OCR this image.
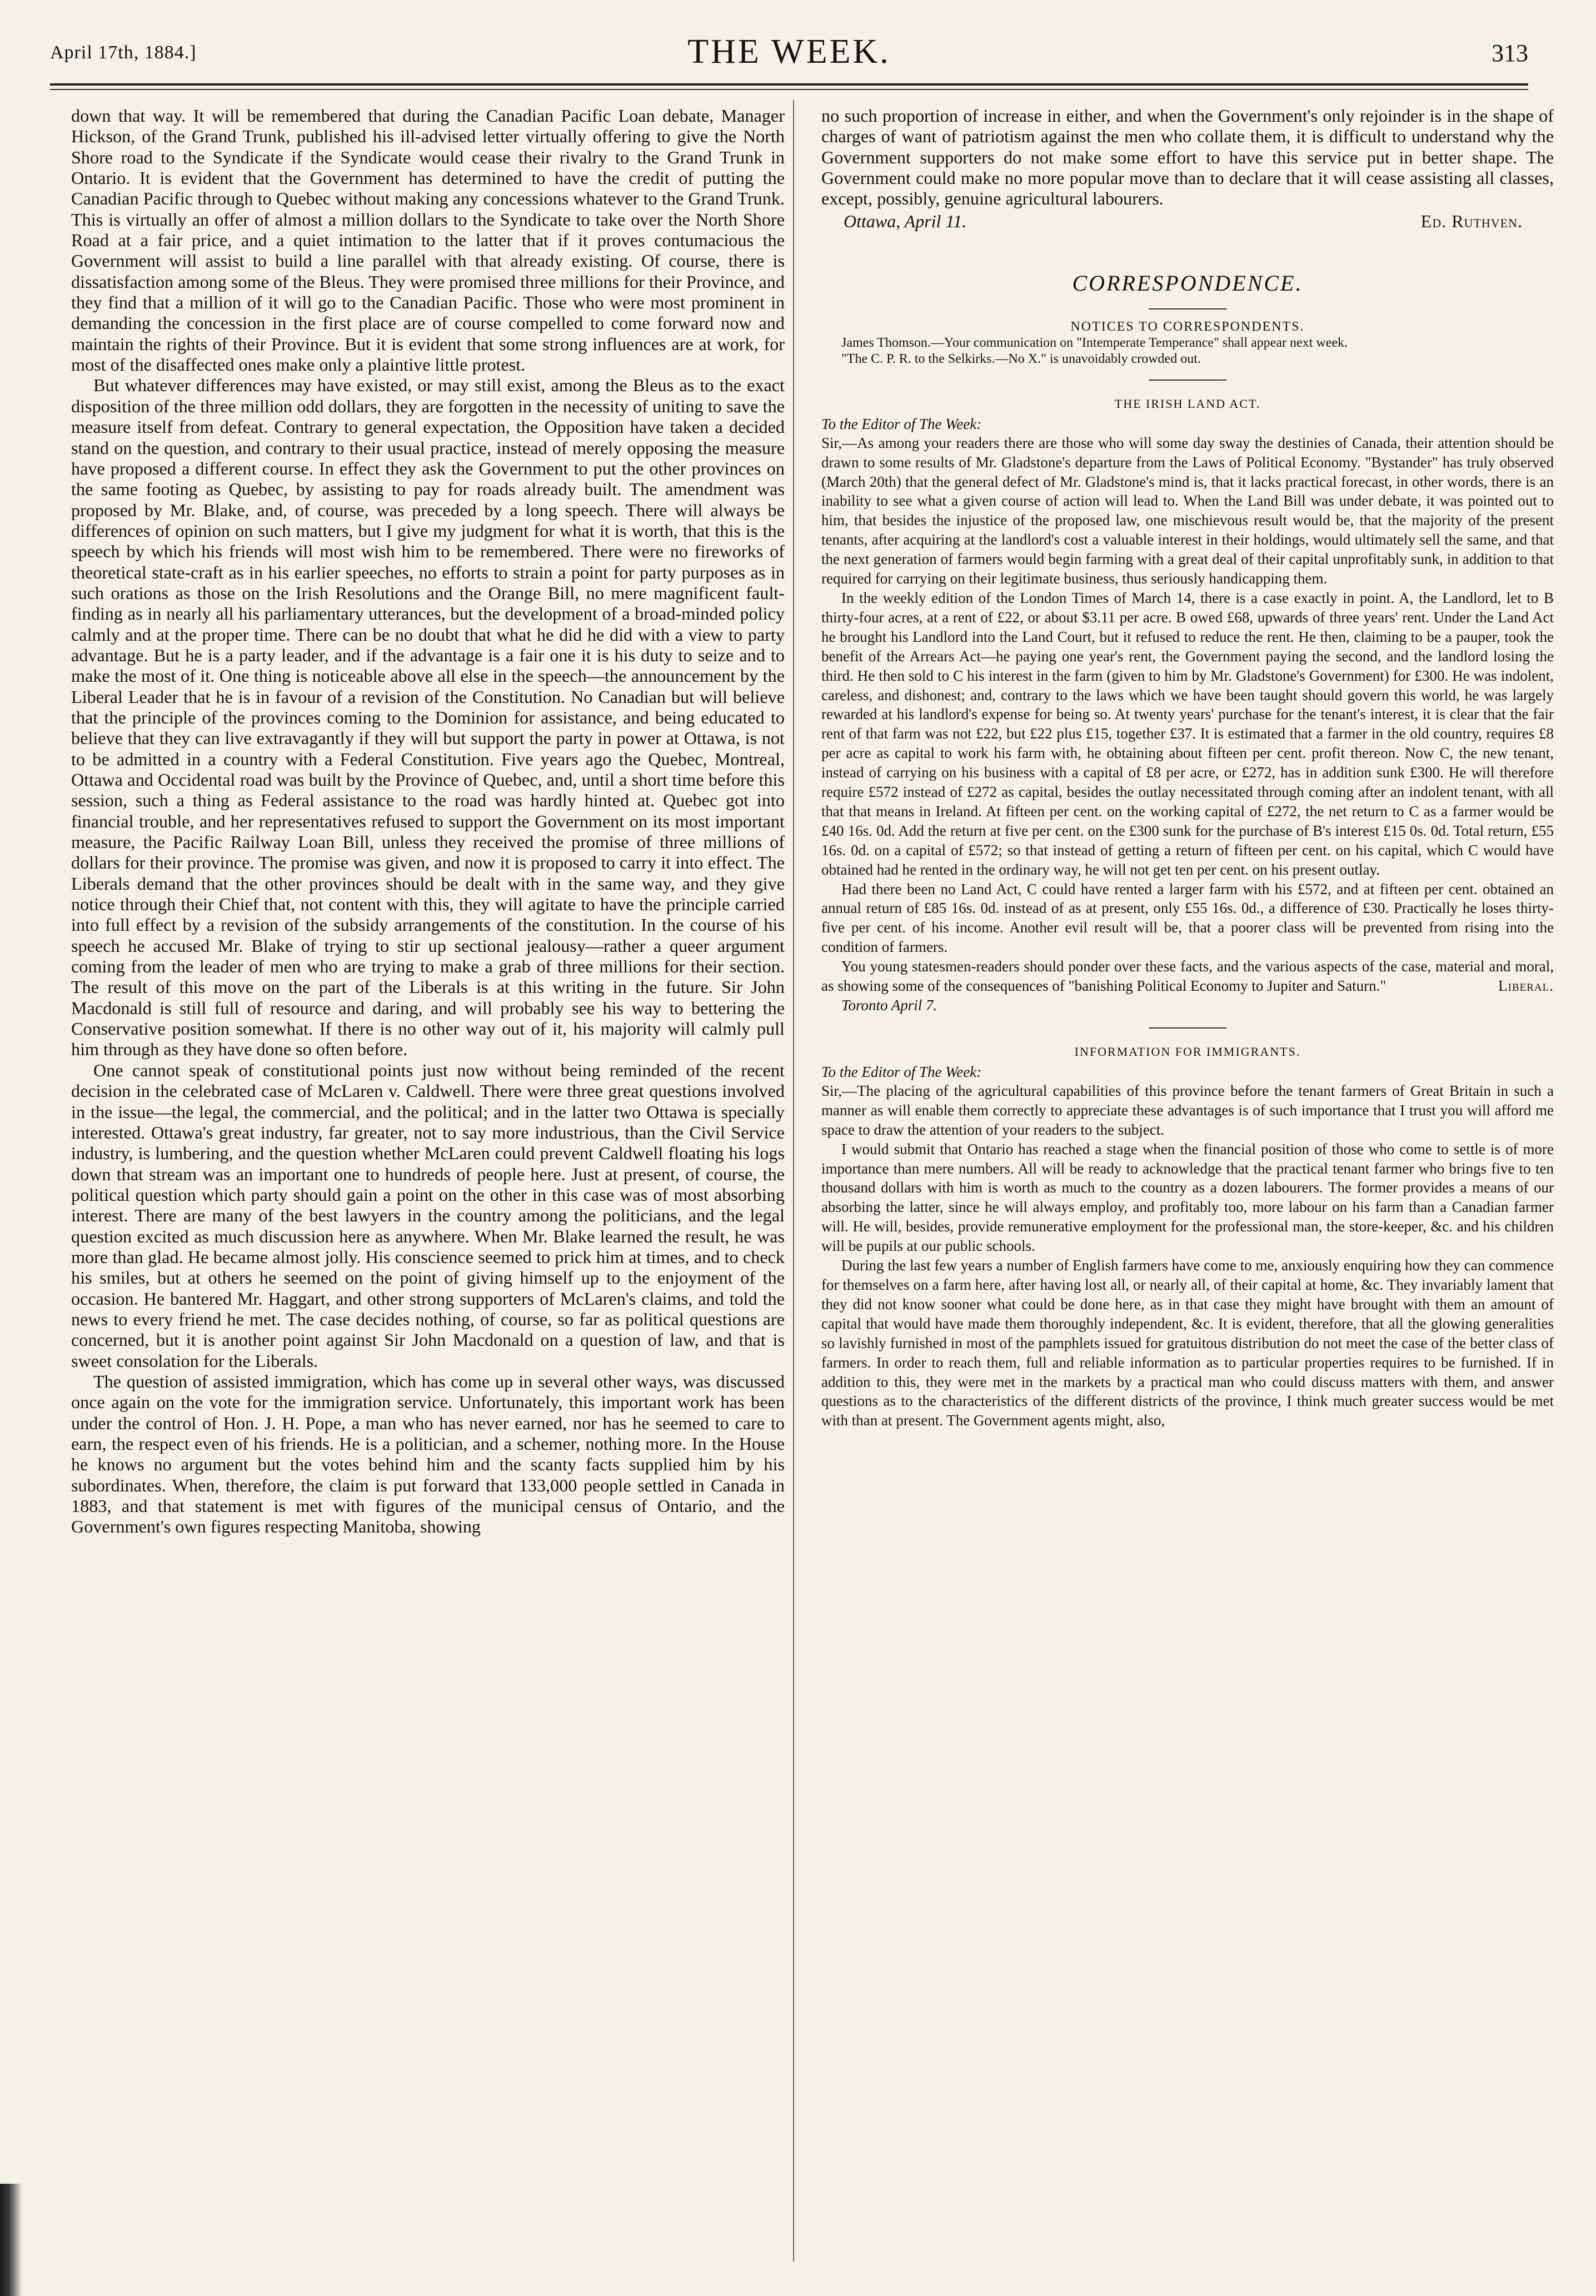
April 17th, 1884.]	THE WEEK.	313

down that way. It will be remembered that during the Canadian Pacific Loan debate, Manager Hickson, of the Grand Trunk, published his ill-advised letter virtually offering to give the North Shore road to the Syndicate if the Syndicate would cease their rivalry to the Grand Trunk in Ontario. It is evident that the Government has determined to have the credit of putting the Canadian Pacific through to Quebec without making any concessions whatever to the Grand Trunk. This is virtually an offer of almost a million dollars to the Syndicate to take over the North Shore Road at a fair price, and a quiet intimation to the latter that if it proves contumacious the Government will assist to build a line parallel with that already existing. Of course, there is dissatisfaction among some of the Bleus. They were promised three millions for their Province, and they find that a million of it will go to the Canadian Pacific. Those who were most prominent in demanding the concession in the first place are of course compelled to come forward now and maintain the rights of their Province. But it is evident that some strong influences are at work, for most of the disaffected ones make only a plaintive little protest.

But whatever differences may have existed, or may still exist, among the Bleus as to the exact disposition of the three million odd dollars, they are forgotten in the necessity of uniting to save the measure itself from defeat. Contrary to general expectation, the Opposition have taken a decided stand on the question, and contrary to their usual practice, instead of merely opposing the measure have proposed a different course. In effect they ask the Government to put the other provinces on the same footing as Quebec, by assisting to pay for roads already built. The amendment was proposed by Mr. Blake, and, of course, was preceded by a long speech. There will always be differences of opinion on such matters, but I give my judgment for what it is worth, that this is the speech by which his friends will most wish him to be remembered. There were no fireworks of theoretical state-craft as in his earlier speeches, no efforts to strain a point for party purposes as in such orations as those on the Irish Resolutions and the Orange Bill, no mere magnificent fault-finding as in nearly all his parliamentary utterances, but the development of a broad-minded policy calmly and at the proper time. There can be no doubt that what he did he did with a view to party advantage. But he is a party leader, and if the advantage is a fair one it is his duty to seize and to make the most of it. One thing is noticeable above all else in the speech—the announcement by the Liberal Leader that he is in favour of a revision of the Constitution. No Canadian but will believe that the principle of the provinces coming to the Dominion for assistance, and being educated to believe that they can live extravagantly if they will but support the party in power at Ottawa, is not to be admitted in a country with a Federal Constitution. Five years ago the Quebec, Montreal, Ottawa and Occidental road was built by the Province of Quebec, and, until a short time before this session, such a thing as Federal assistance to the road was hardly hinted at. Quebec got into financial trouble, and her representatives refused to support the Government on its most important measure, the Pacific Railway Loan Bill, unless they received the promise of three millions of dollars for their province. The promise was given, and now it is proposed to carry it into effect. The Liberals demand that the other provinces should be dealt with in the same way, and they give notice through their Chief that, not content with this, they will agitate to have the principle carried into full effect by a revision of the subsidy arrangements of the constitution. In the course of his speech he accused Mr. Blake of trying to stir up sectional jealousy—rather a queer argument coming from the leader of men who are trying to make a grab of three millions for their section. The result of this move on the part of the Liberals is at this writing in the future. Sir John Macdonald is still full of resource and daring, and will probably see his way to bettering the Conservative position somewhat. If there is no other way out of it, his majority will calmly pull him through as they have done so often before.

One cannot speak of constitutional points just now without being reminded of the recent decision in the celebrated case of McLaren v. Caldwell. There were three great questions involved in the issue—the legal, the commercial, and the political; and in the latter two Ottawa is specially interested. Ottawa's great industry, far greater, not to say more industrious, than the Civil Service industry, is lumbering, and the question whether McLaren could prevent Caldwell floating his logs down that stream was an important one to hundreds of people here. Just at present, of course, the political question which party should gain a point on the other in this case was of most absorbing interest. There are many of the best lawyers in the country among the politicians, and the legal question excited as much discussion here as anywhere. When Mr. Blake learned the result, he was more than glad. He became almost jolly. His conscience seemed to prick him at times, and to check his smiles, but at others he seemed on the point of giving himself up to the enjoyment of the occasion. He bantered Mr. Haggart, and other strong supporters of McLaren's claims, and told the news to every friend he met. The case decides nothing, of course, so far as political questions are concerned, but it is another point against Sir John Macdonald on a question of law, and that is sweet consolation for the Liberals.

The question of assisted immigration, which has come up in several other ways, was discussed once again on the vote for the immigration service. Unfortunately, this important work has been under the control of Hon. J. H. Pope, a man who has never earned, nor has he seemed to care to earn, the respect even of his friends. He is a politician, and a schemer, nothing more. In the House he knows no argument but the votes behind him and the scanty facts supplied him by his subordinates. When, therefore, the claim is put forward that 133,000 people settled in Canada in 1883, and that statement is met with figures of the municipal census of Ontario, and the Government's own figures respecting Manitoba, showing

no such proportion of increase in either, and when the Government's only rejoinder is in the shape of charges of want of patriotism against the men who collate them, it is difficult to understand why the Government supporters do not make some effort to have this service put in better shape. The Government could make no more popular move than to declare that it will cease assisting all classes, except, possibly, genuine agricultural labourers.

Ottawa, April 11.	Ed. Ruthven.
CORRESPONDENCE.
NOTICES TO CORRESPONDENTS.

James Thomson.—Your communication on "Intemperate Temperance" shall appear next week.

"The C. P. R. to the Selkirks.—No X." is unavoidably crowded out.

THE IRISH LAND ACT.
To the Editor of The Week:

Sir,—As among your readers there are those who will some day sway the destinies of Canada, their attention should be drawn to some results of Mr. Gladstone's departure from the Laws of Political Economy. "Bystander" has truly observed (March 20th) that the general defect of Mr. Gladstone's mind is, that it lacks practical forecast, in other words, there is an inability to see what a given course of action will lead to. When the Land Bill was under debate, it was pointed out to him, that besides the injustice of the proposed law, one mischievous result would be, that the majority of the present tenants, after acquiring at the landlord's cost a valuable interest in their holdings, would ultimately sell the same, and that the next generation of farmers would begin farming with a great deal of their capital unprofitably sunk, in addition to that required for carrying on their legitimate business, thus seriously handicapping them.

In the weekly edition of the London Times of March 14, there is a case exactly in point. A, the Landlord, let to B thirty-four acres, at a rent of £22, or about $3.11 per acre. B owed £68, upwards of three years' rent. Under the Land Act he brought his Landlord into the Land Court, but it refused to reduce the rent. He then, claiming to be a pauper, took the benefit of the Arrears Act—he paying one year's rent, the Government paying the second, and the landlord losing the third. He then sold to C his interest in the farm (given to him by Mr. Gladstone's Government) for £300. He was indolent, careless, and dishonest; and, contrary to the laws which we have been taught should govern this world, he was largely rewarded at his landlord's expense for being so. At twenty years' purchase for the tenant's interest, it is clear that the fair rent of that farm was not £22, but £22 plus £15, together £37. It is estimated that a farmer in the old country, requires £8 per acre as capital to work his farm with, he obtaining about fifteen per cent. profit thereon. Now C, the new tenant, instead of carrying on his business with a capital of £8 per acre, or £272, has in addition sunk £300. He will therefore require £572 instead of £272 as capital, besides the outlay necessitated through coming after an indolent tenant, with all that that means in Ireland. At fifteen per cent. on the working capital of £272, the net return to C as a farmer would be £40 16s. 0d. Add the return at five per cent. on the £300 sunk for the purchase of B's interest £15 0s. 0d. Total return, £55 16s. 0d. on a capital of £572; so that instead of getting a return of fifteen per cent. on his capital, which C would have obtained had he rented in the ordinary way, he will not get ten per cent. on his present outlay.

Had there been no Land Act, C could have rented a larger farm with his £572, and at fifteen per cent. obtained an annual return of £85 16s. 0d. instead of as at present, only £55 16s. 0d., a difference of £30. Practically he loses thirty-five per cent. of his income. Another evil result will be, that a poorer class will be prevented from rising into the condition of farmers.

You young statesmen-readers should ponder over these facts, and the various aspects of the case, material and moral, as showing some of the consequences of "banishing Political Economy to Jupiter and Saturn."	Liberal.

Toronto April 7.

INFORMATION FOR IMMIGRANTS.
To the Editor of The Week:

Sir,—The placing of the agricultural capabilities of this province before the tenant farmers of Great Britain in such a manner as will enable them correctly to appreciate these advantages is of such importance that I trust you will afford me space to draw the attention of your readers to the subject.

I would submit that Ontario has reached a stage when the financial position of those who come to settle is of more importance than mere numbers. All will be ready to acknowledge that the practical tenant farmer who brings five to ten thousand dollars with him is worth as much to the country as a dozen labourers. The former provides a means of our absorbing the latter, since he will always employ, and profitably too, more labour on his farm than a Canadian farmer will. He will, besides, provide remunerative employment for the professional man, the store-keeper, &c. and his children will be pupils at our public schools.

During the last few years a number of English farmers have come to me, anxiously enquiring how they can commence for themselves on a farm here, after having lost all, or nearly all, of their capital at home, &c. They invariably lament that they did not know sooner what could be done here, as in that case they might have brought with them an amount of capital that would have made them thoroughly independent, &c. It is evident, therefore, that all the glowing generalities so lavishly furnished in most of the pamphlets issued for gratuitous distribution do not meet the case of the better class of farmers. In order to reach them, full and reliable information as to particular properties requires to be furnished. If in addition to this, they were met in the markets by a practical man who could discuss matters with them, and answer questions as to the characteristics of the different districts of the province, I think much greater success would be met with than at present. The Government agents might, also,
